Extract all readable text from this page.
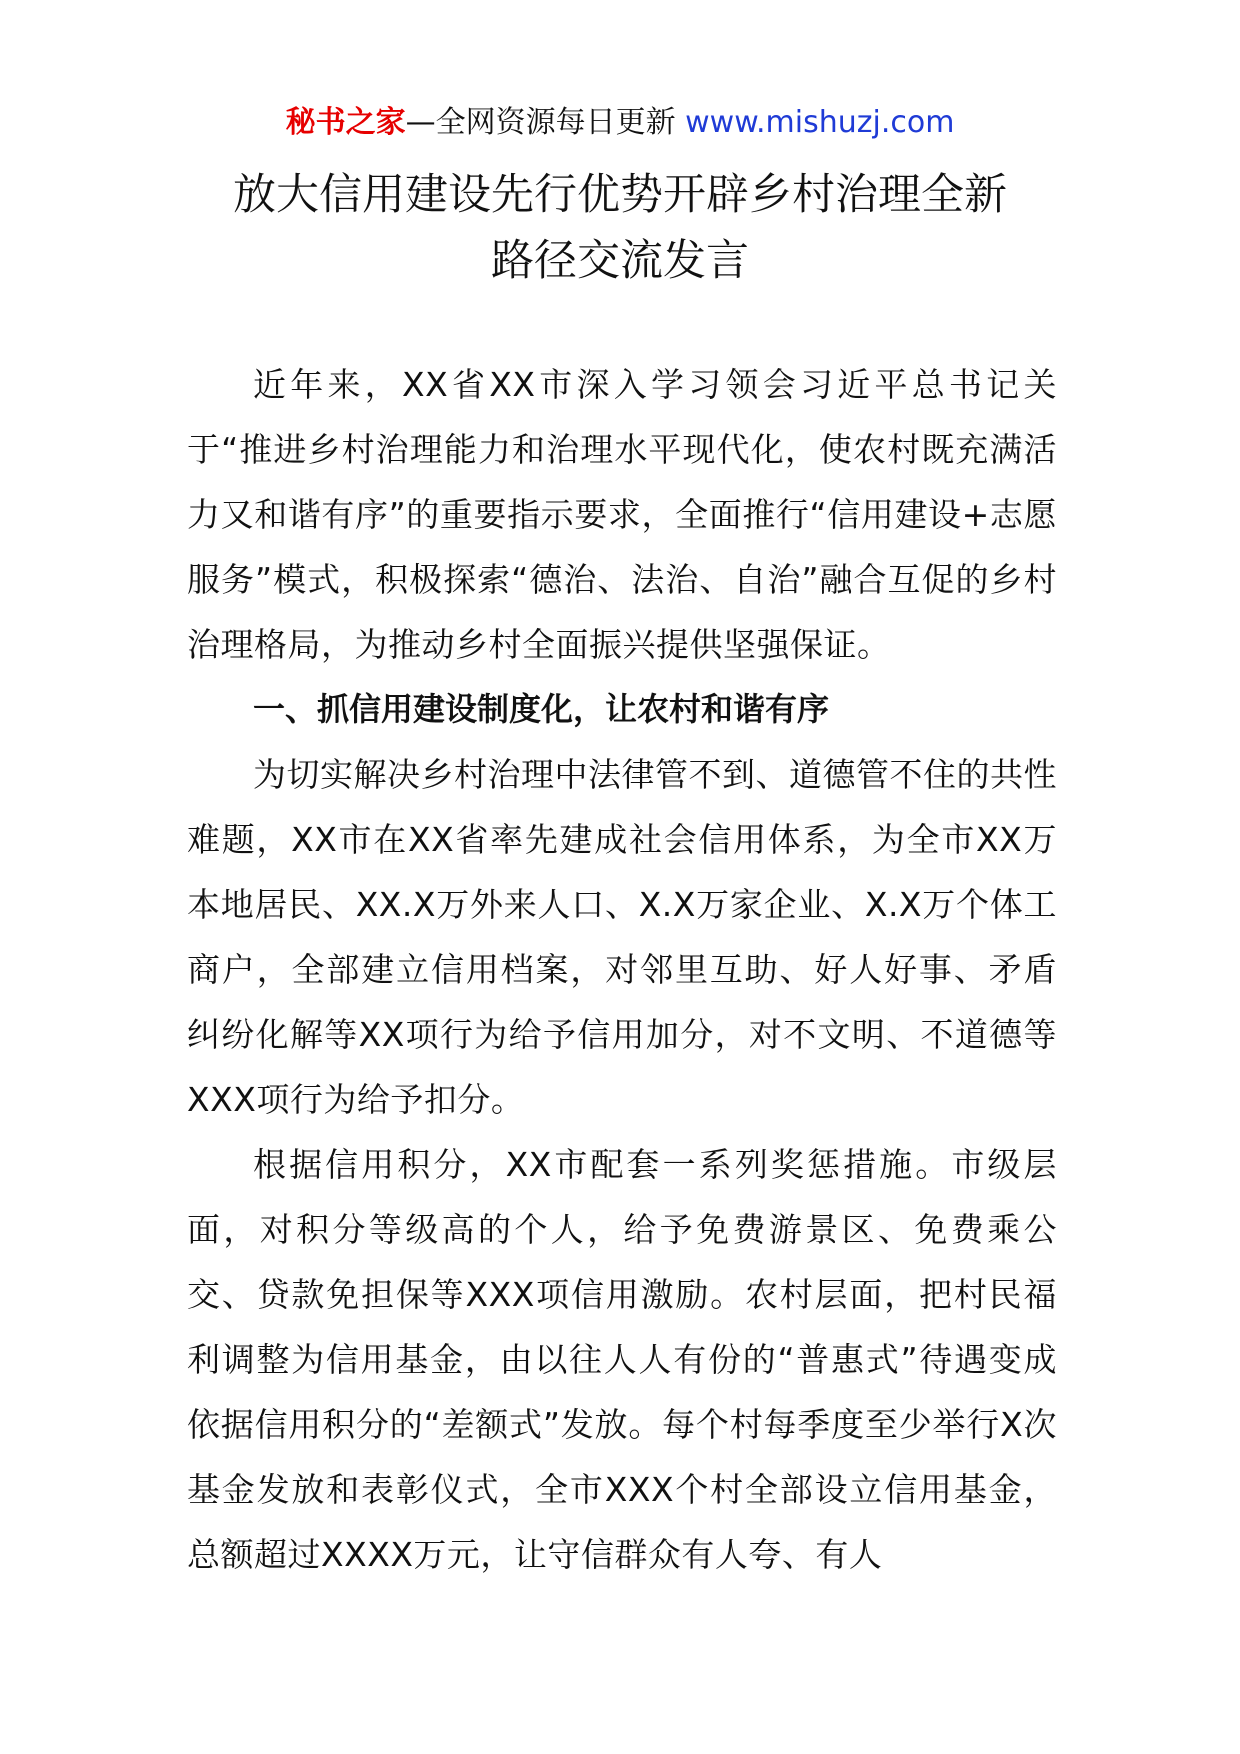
秘书之家—全网资源每日更新 www.mishuzj.com
放大信用建设先行优势开辟乡村治理全新
路径交流发言

近年来，XX省XX市深入学习领会习近平总书记关于“推进乡村治理能力和治理水平现代化，使农村既充满活力又和谐有序”的重要指示要求，全面推行“信用建设+志愿服务”模式，积极探索“德治、法治、自治”融合互促的乡村治理格局，为推动乡村全面振兴提供坚强保证。

一、抓信用建设制度化，让农村和谐有序

为切实解决乡村治理中法律管不到、道德管不住的共性难题，XX市在XX省率先建成社会信用体系，为全市XX万本地居民、XX.X万外来人口、X.X万家企业、X.X万个体工商户，全部建立信用档案，对邻里互助、好人好事、矛盾纠纷化解等XX项行为给予信用加分，对不文明、不道德等XXX项行为给予扣分。

根据信用积分，XX市配套一系列奖惩措施。市级层面，对积分等级高的个人，给予免费游景区、免费乘公交、贷款免担保等XXX项信用激励。农村层面，把村民福利调整为信用基金，由以往人人有份的“普惠式”待遇变成依据信用积分的“差额式”发放。每个村每季度至少举行X次基金发放和表彰仪式，全市XXX个村全部设立信用基金，总额超过XXXX万元，让守信群众有人夸、有人
